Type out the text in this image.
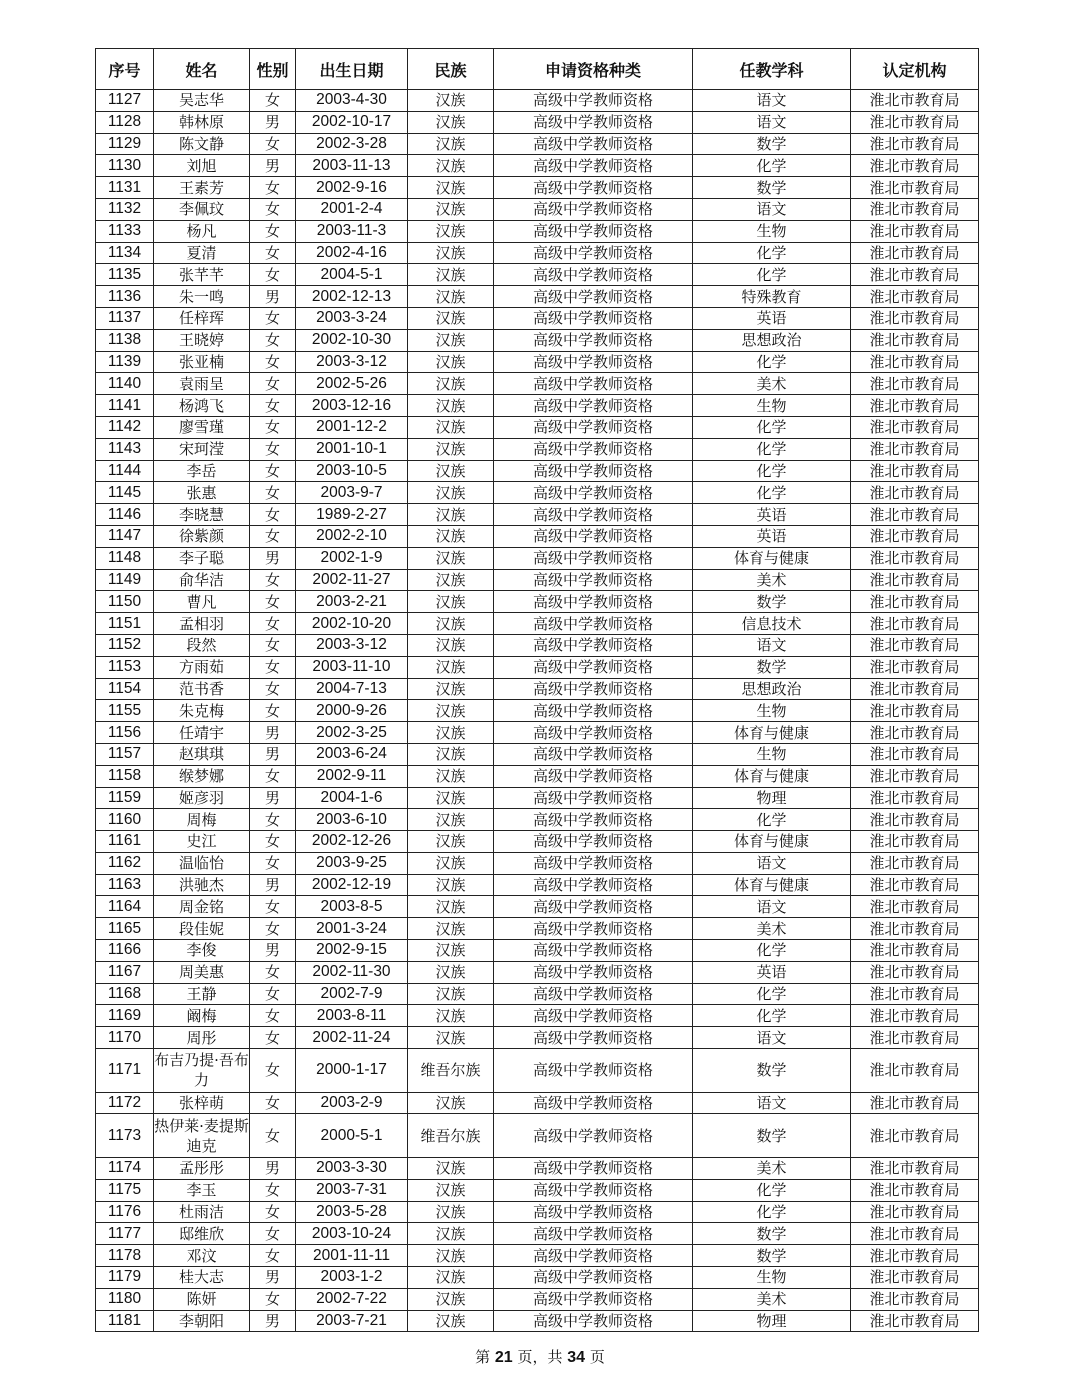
序号	姓名	性别	出生日期	民族	申请资格种类	任教学科	认定机构
1127	吴志华	女	2003-4-30	汉族	高级中学教师资格	语文	淮北市教育局
1128	韩林原	男	2002-10-17	汉族	高级中学教师资格	语文	淮北市教育局
1129	陈文静	女	2002-3-28	汉族	高级中学教师资格	数学	淮北市教育局
1130	刘旭	男	2003-11-13	汉族	高级中学教师资格	化学	淮北市教育局
1131	王素芳	女	2002-9-16	汉族	高级中学教师资格	数学	淮北市教育局
1132	李佩玟	女	2001-2-4	汉族	高级中学教师资格	语文	淮北市教育局
1133	杨凡	女	2003-11-3	汉族	高级中学教师资格	生物	淮北市教育局
1134	夏清	女	2002-4-16	汉族	高级中学教师资格	化学	淮北市教育局
1135	张芊芊	女	2004-5-1	汉族	高级中学教师资格	化学	淮北市教育局
1136	朱一鸣	男	2002-12-13	汉族	高级中学教师资格	特殊教育	淮北市教育局
1137	任梓珲	女	2003-3-24	汉族	高级中学教师资格	英语	淮北市教育局
1138	王晓婷	女	2002-10-30	汉族	高级中学教师资格	思想政治	淮北市教育局
1139	张亚楠	女	2003-3-12	汉族	高级中学教师资格	化学	淮北市教育局
1140	袁雨呈	女	2002-5-26	汉族	高级中学教师资格	美术	淮北市教育局
1141	杨鸿飞	女	2003-12-16	汉族	高级中学教师资格	生物	淮北市教育局
1142	廖雪瑾	女	2001-12-2	汉族	高级中学教师资格	化学	淮北市教育局
1143	宋珂滢	女	2001-10-1	汉族	高级中学教师资格	化学	淮北市教育局
1144	李岳	女	2003-10-5	汉族	高级中学教师资格	化学	淮北市教育局
1145	张惠	女	2003-9-7	汉族	高级中学教师资格	化学	淮北市教育局
1146	李晓慧	女	1989-2-27	汉族	高级中学教师资格	英语	淮北市教育局
1147	徐紫颜	女	2002-2-10	汉族	高级中学教师资格	英语	淮北市教育局
1148	李子聪	男	2002-1-9	汉族	高级中学教师资格	体育与健康	淮北市教育局
1149	俞华洁	女	2002-11-27	汉族	高级中学教师资格	美术	淮北市教育局
1150	曹凡	女	2003-2-21	汉族	高级中学教师资格	数学	淮北市教育局
1151	孟相羽	女	2002-10-20	汉族	高级中学教师资格	信息技术	淮北市教育局
1152	段然	女	2003-3-12	汉族	高级中学教师资格	语文	淮北市教育局
1153	方雨茹	女	2003-11-10	汉族	高级中学教师资格	数学	淮北市教育局
1154	范书香	女	2004-7-13	汉族	高级中学教师资格	思想政治	淮北市教育局
1155	朱克梅	女	2000-9-26	汉族	高级中学教师资格	生物	淮北市教育局
1156	任靖宇	男	2002-3-25	汉族	高级中学教师资格	体育与健康	淮北市教育局
1157	赵琪琪	男	2003-6-24	汉族	高级中学教师资格	生物	淮北市教育局
1158	缑梦娜	女	2002-9-11	汉族	高级中学教师资格	体育与健康	淮北市教育局
1159	姬彦羽	男	2004-1-6	汉族	高级中学教师资格	物理	淮北市教育局
1160	周梅	女	2003-6-10	汉族	高级中学教师资格	化学	淮北市教育局
1161	史江	女	2002-12-26	汉族	高级中学教师资格	体育与健康	淮北市教育局
1162	温临怡	女	2003-9-25	汉族	高级中学教师资格	语文	淮北市教育局
1163	洪驰杰	男	2002-12-19	汉族	高级中学教师资格	体育与健康	淮北市教育局
1164	周金铭	女	2003-8-5	汉族	高级中学教师资格	语文	淮北市教育局
1165	段佳妮	女	2001-3-24	汉族	高级中学教师资格	美术	淮北市教育局
1166	李俊	男	2002-9-15	汉族	高级中学教师资格	化学	淮北市教育局
1167	周美惠	女	2002-11-30	汉族	高级中学教师资格	英语	淮北市教育局
1168	王静	女	2002-7-9	汉族	高级中学教师资格	化学	淮北市教育局
1169	阚梅	女	2003-8-11	汉族	高级中学教师资格	化学	淮北市教育局
1170	周彤	女	2002-11-24	汉族	高级中学教师资格	语文	淮北市教育局
1171	布吉乃提·吾布力	女	2000-1-17	维吾尔族	高级中学教师资格	数学	淮北市教育局
1172	张梓萌	女	2003-2-9	汉族	高级中学教师资格	语文	淮北市教育局
1173	热伊莱·麦提斯迪克	女	2000-5-1	维吾尔族	高级中学教师资格	数学	淮北市教育局
1174	孟彤彤	男	2003-3-30	汉族	高级中学教师资格	美术	淮北市教育局
1175	李玉	女	2003-7-31	汉族	高级中学教师资格	化学	淮北市教育局
1176	杜雨洁	女	2003-5-28	汉族	高级中学教师资格	化学	淮北市教育局
1177	邸维欣	女	2003-10-24	汉族	高级中学教师资格	数学	淮北市教育局
1178	邓汶	女	2001-11-11	汉族	高级中学教师资格	数学	淮北市教育局
1179	桂大志	男	2003-1-2	汉族	高级中学教师资格	生物	淮北市教育局
1180	陈妍	女	2002-7-22	汉族	高级中学教师资格	美术	淮北市教育局
1181	李朝阳	男	2003-7-21	汉族	高级中学教师资格	物理	淮北市教育局
第 21 页，共 34 页
